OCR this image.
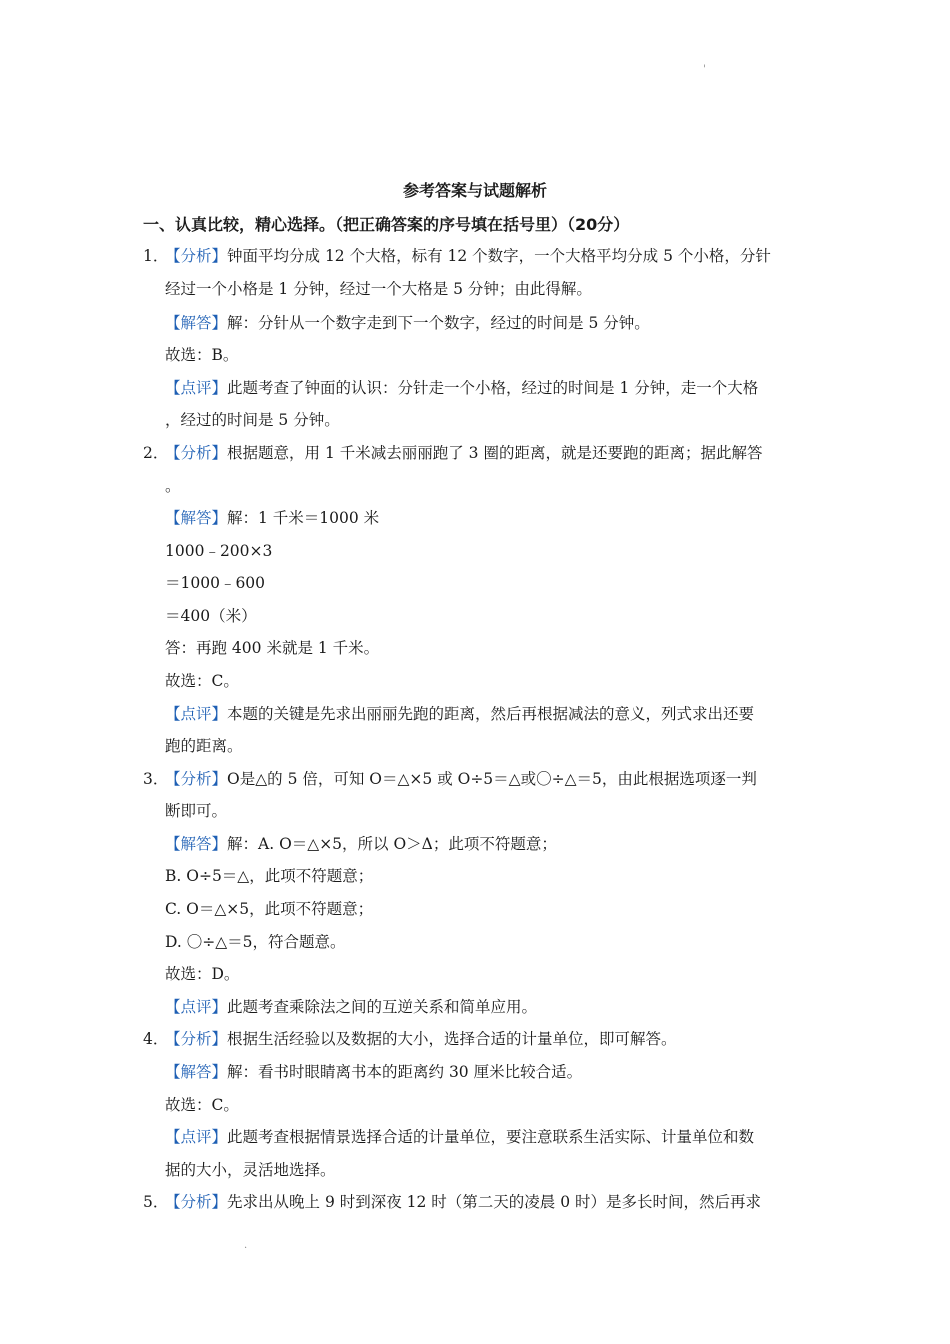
'
.
参考答案与试题解析
一、认真比较，精心选择。（把正确答案的序号填在括号里）（20分）
1．
【分析】钟面平均分成 12 个大格，标有 12 个数字，一个大格平均分成 5 个小格，分针
经过一个小格是 1 分钟，经过一个大格是 5 分钟；由此得解。
【解答】解：分针从一个数字走到下一个数字，经过的时间是 5 分钟。
故选：B。
【点评】此题考查了钟面的认识：分针走一个小格，经过的时间是 1 分钟，走一个大格
，经过的时间是 5 分钟。
2．
【分析】根据题意，用 1 千米减去丽丽跑了 3 圈的距离，就是还要跑的距离；据此解答
。
【解答】解：1 千米＝1000 米
1000﹣200×3
＝1000﹣600
＝400（米）
答：再跑 400 米就是 1 千米。
故选：C。
【点评】本题的关键是先求出丽丽先跑的距离，然后再根据减法的意义，列式求出还要
跑的距离。
3．
【分析】O是△的 5 倍，可知 O＝△×5 或 O÷5＝△或〇÷△＝5，由此根据选项逐一判
断即可。
【解答】解：A. O＝△×5，所以 O＞Δ；此项不符题意；
B. O÷5＝△，此项不符题意；
C. O＝△×5，此项不符题意；
D. 〇÷△＝5，符合题意。
故选：D。
【点评】此题考查乘除法之间的互逆关系和简单应用。
4．
【分析】根据生活经验以及数据的大小，选择合适的计量单位，即可解答。
【解答】解：看书时眼睛离书本的距离约 30 厘米比较合适。
故选：C。
【点评】此题考查根据情景选择合适的计量单位，要注意联系生活实际、计量单位和数
据的大小，灵活地选择。
5．
【分析】先求出从晚上 9 时到深夜 12 时（第二天的凌晨 0 时）是多长时间，然后再求
